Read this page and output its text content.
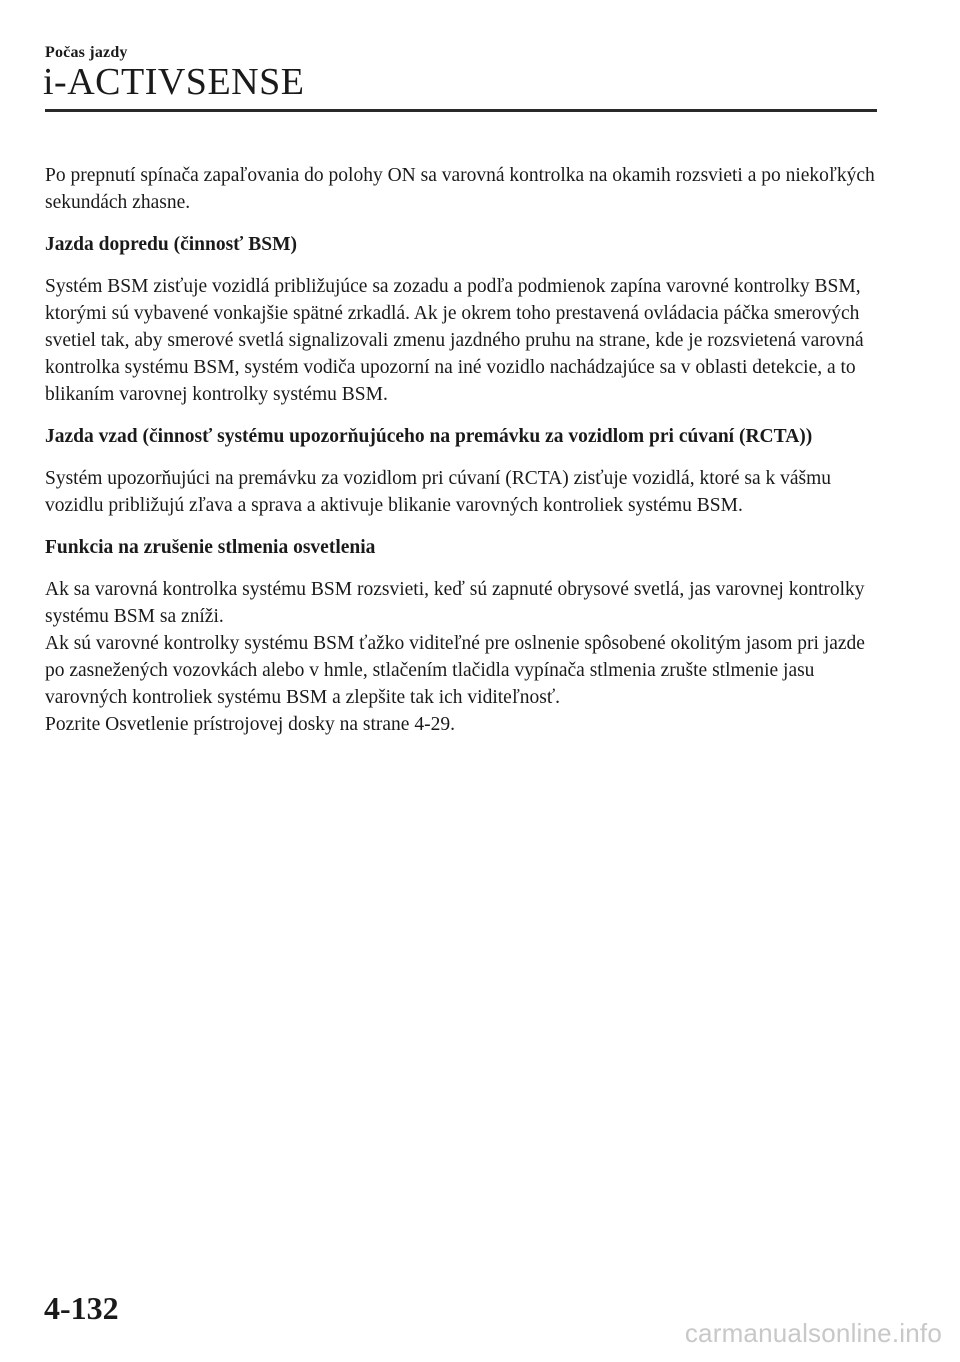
Počas jazdy
i-ACTIVSENSE

Po prepnutí spínača zapaľovania do polohy ON sa varovná kontrolka na okamih rozsvieti a po niekoľkých sekundách zhasne.

Jazda dopredu (činnosť BSM)

Systém BSM zisťuje vozidlá približujúce sa zozadu a podľa podmienok zapína varovné kontrolky BSM, ktorými sú vybavené vonkajšie spätné zrkadlá. Ak je okrem toho prestavená ovládacia páčka smerových svetiel tak, aby smerové svetlá signalizovali zmenu jazdného pruhu na strane, kde je rozsvietená varovná kontrolka systému BSM, systém vodiča upozorní na iné vozidlo nachádzajúce sa v oblasti detekcie, a to blikaním varovnej kontrolky systému BSM.

Jazda vzad (činnosť systému upozorňujúceho na premávku za vozidlom pri cúvaní (RCTA))

Systém upozorňujúci na premávku za vozidlom pri cúvaní (RCTA) zisťuje vozidlá, ktoré sa k vášmu vozidlu približujú zľava a sprava a aktivuje blikanie varovných kontroliek systému BSM.

Funkcia na zrušenie stlmenia osvetlenia

Ak sa varovná kontrolka systému BSM rozsvieti, keď sú zapnuté obrysové svetlá, jas varovnej kontrolky systému BSM sa zníži.

Ak sú varovné kontrolky systému BSM ťažko viditeľné pre oslnenie spôsobené okolitým jasom pri jazde po zasnežených vozovkách alebo v hmle, stlačením tlačidla vypínača stlmenia zrušte stlmenie jasu varovných kontroliek systému BSM a zlepšite tak ich viditeľnosť.

Pozrite Osvetlenie prístrojovej dosky na strane 4-29.

4-132
carmanualsonline.info
